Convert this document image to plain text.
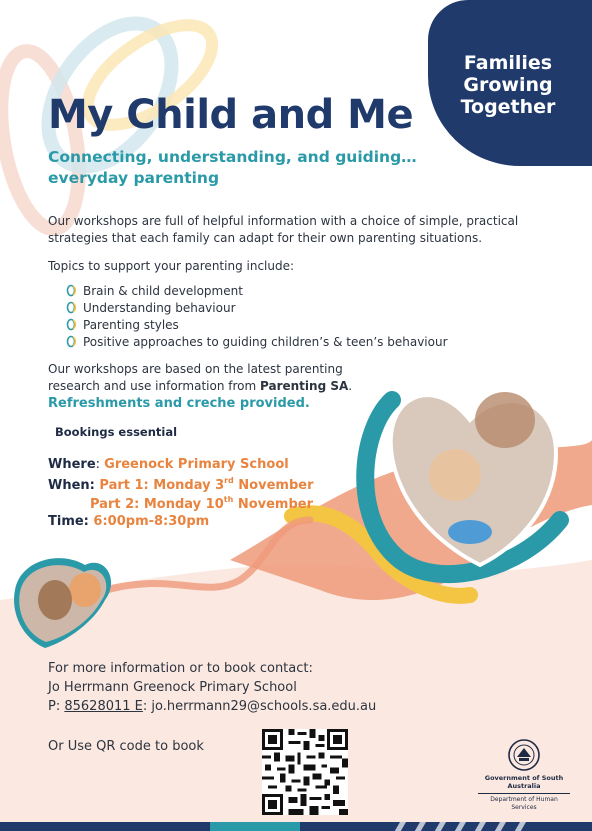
Families
Growing
Together
My Child and Me
Connecting, understanding, and guiding… everyday parenting

Our workshops are full of helpful information with a choice of simple, practical strategies that each family can adapt for their own parenting situations.

Topics to support your parenting include:

Brain & child development
Understanding behaviour
Parenting styles
Positive approaches to guiding children’s & teen’s behaviour

Our workshops are based on the latest parenting research and use information from Parenting SA.

Refreshments and creche provided.
Bookings essential
Where: Greenock Primary School
When: Part 1: Monday 3rd November
Part 2: Monday 10th November
Time: 6:00pm-8:30pm
For more information or to book contact:
Jo Herrmann Greenock Primary School
P: 85628011 E: jo.herrmann29@schools.sa.edu.au
Or Use QR code to book
Government of South Australia
Department of Human Services
